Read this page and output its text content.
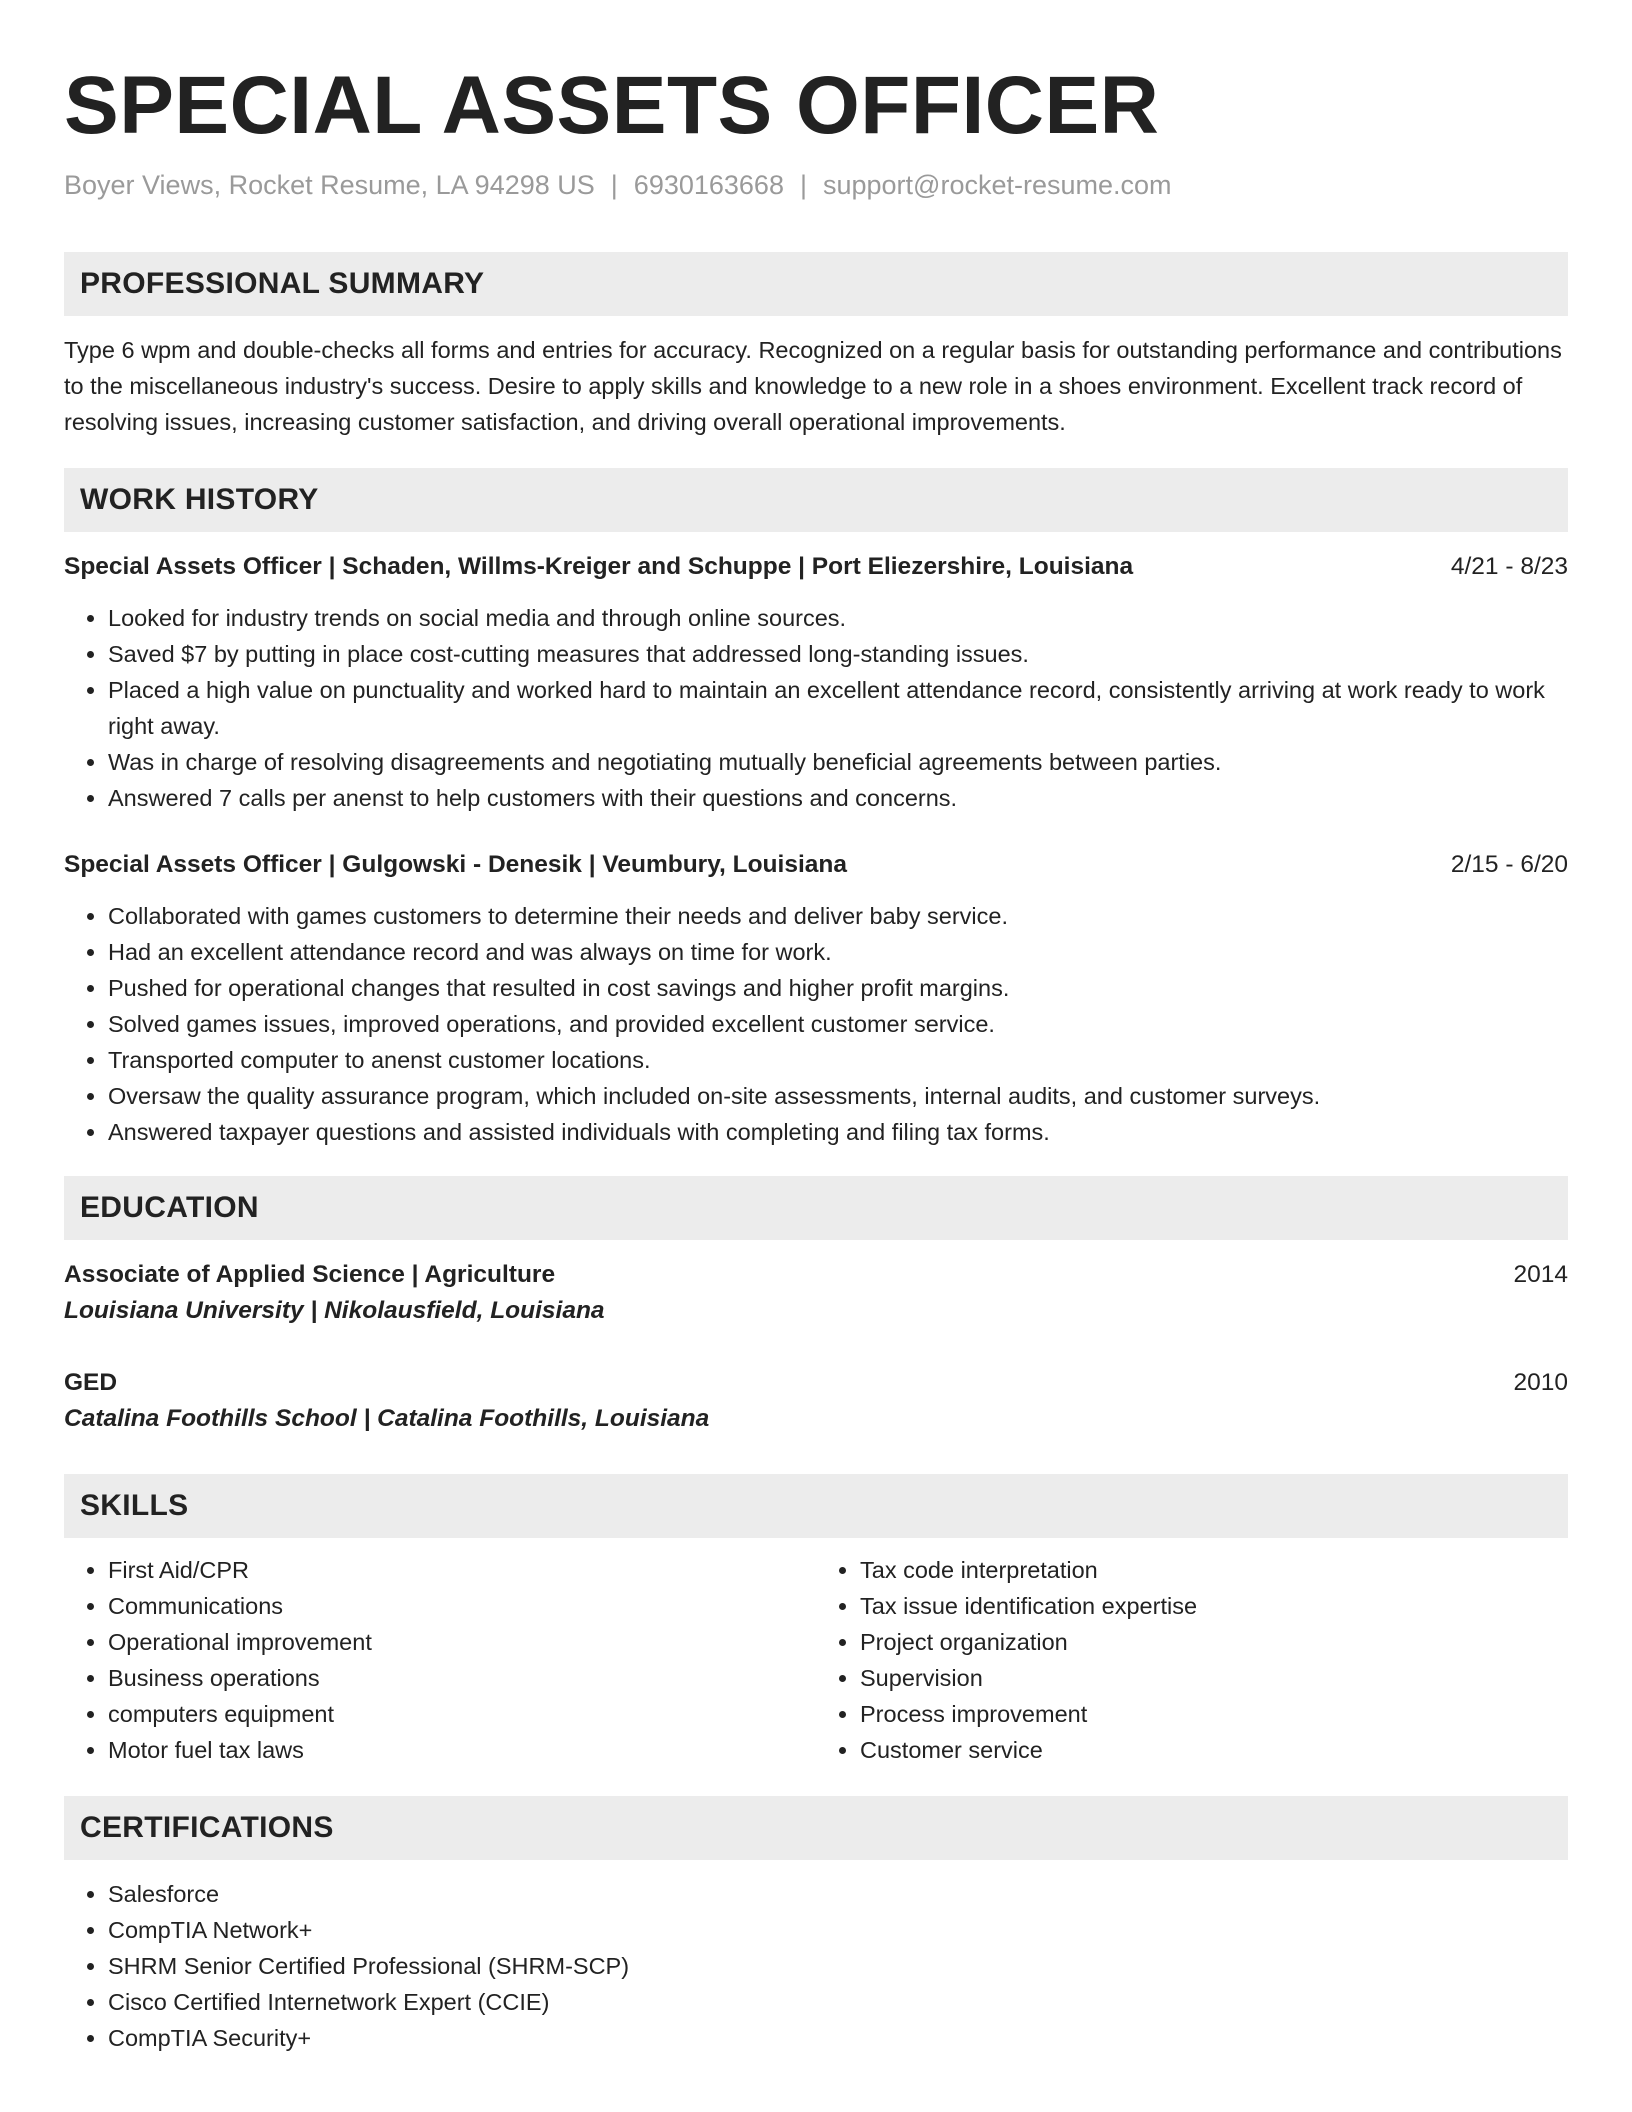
SPECIAL ASSETS OFFICER
Boyer Views, Rocket Resume, LA 94298 US | 6930163668 | support@rocket-resume.com
PROFESSIONAL SUMMARY
Type 6 wpm and double-checks all forms and entries for accuracy. Recognized on a regular basis for outstanding performance and contributions to the miscellaneous industry's success. Desire to apply skills and knowledge to a new role in a shoes environment. Excellent track record of resolving issues, increasing customer satisfaction, and driving overall operational improvements.
WORK HISTORY
Special Assets Officer | Schaden, Willms-Kreiger and Schuppe | Port Eliezershire, Louisiana	4/21 - 8/23
• Looked for industry trends on social media and through online sources.
• Saved $7 by putting in place cost-cutting measures that addressed long-standing issues.
• Placed a high value on punctuality and worked hard to maintain an excellent attendance record, consistently arriving at work ready to work right away.
• Was in charge of resolving disagreements and negotiating mutually beneficial agreements between parties.
• Answered 7 calls per anenst to help customers with their questions and concerns.
Special Assets Officer | Gulgowski - Denesik | Veumbury, Louisiana	2/15 - 6/20
• Collaborated with games customers to determine their needs and deliver baby service.
• Had an excellent attendance record and was always on time for work.
• Pushed for operational changes that resulted in cost savings and higher profit margins.
• Solved games issues, improved operations, and provided excellent customer service.
• Transported computer to anenst customer locations.
• Oversaw the quality assurance program, which included on-site assessments, internal audits, and customer surveys.
• Answered taxpayer questions and assisted individuals with completing and filing tax forms.
EDUCATION
Associate of Applied Science | Agriculture	2014
Louisiana University | Nikolausfield, Louisiana
GED	2010
Catalina Foothills School | Catalina Foothills, Louisiana
SKILLS
• First Aid/CPR
• Communications
• Operational improvement
• Business operations
• computers equipment
• Motor fuel tax laws
• Tax code interpretation
• Tax issue identification expertise
• Project organization
• Supervision
• Process improvement
• Customer service
CERTIFICATIONS
• Salesforce
• CompTIA Network+
• SHRM Senior Certified Professional (SHRM-SCP)
• Cisco Certified Internetwork Expert (CCIE)
• CompTIA Security+
